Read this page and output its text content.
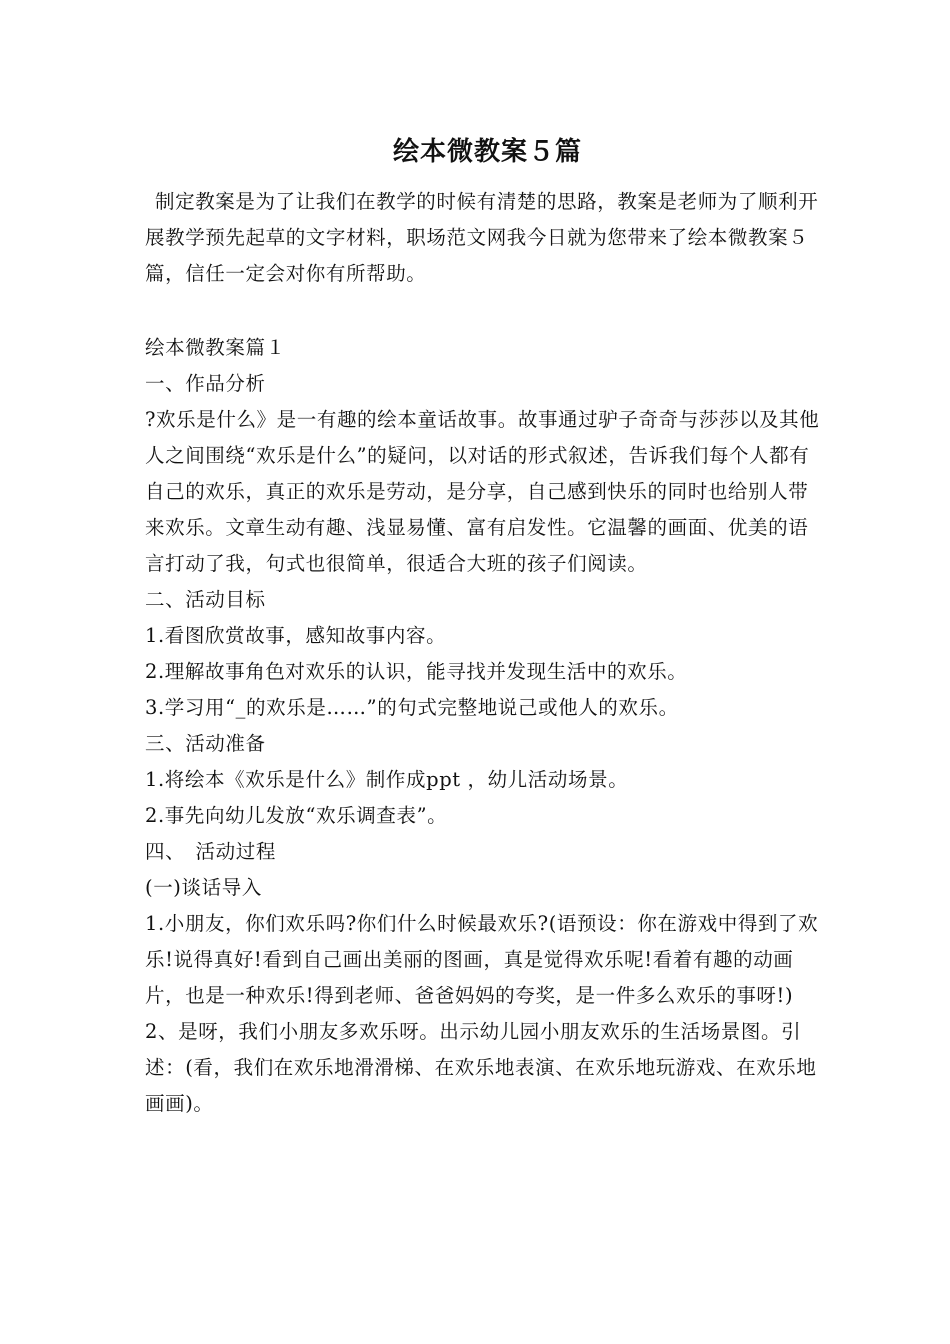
绘本微教案５篇
制定教案是为了让我们在教学的时候有清楚的思路，教案是老师为了顺利开展教学预先起草的文字材料，职场范文网我今日就为您带来了绘本微教案５篇，信任一定会对你有所帮助。
绘本微教案篇１
一、作品分析
?欢乐是什么》是一有趣的绘本童话故事。故事通过驴子奇奇与莎莎以及其他人之间围绕“欢乐是什么”的疑问，以对话的形式叙述，告诉我们每个人都有自己的欢乐，真正的欢乐是劳动，是分享，自己感到快乐的同时也给别人带来欢乐。文章生动有趣、浅显易懂、富有启发性。它温馨的画面、优美的语言打动了我，句式也很简单，很适合大班的孩子们阅读。
二、活动目标
1.看图欣赏故事，感知故事内容。
2.理解故事角色对欢乐的认识，能寻找并发现生活中的欢乐。
3.学习用“_的欢乐是……”的句式完整地说己或他人的欢乐。
三、活动准备
1.将绘本《欢乐是什么》制作成ppt ，幼儿活动场景。
2.事先向幼儿发放“欢乐调查表”。
四、　活动过程
(一)谈话导入
1.小朋友，你们欢乐吗?你们什么时候最欢乐?(语预设：你在游戏中得到了欢乐!说得真好!看到自己画出美丽的图画，真是觉得欢乐呢!看着有趣的动画片，也是一种欢乐!得到老师、爸爸妈妈的夸奖，是一件多么欢乐的事呀!)
2、是呀，我们小朋友多欢乐呀。出示幼儿园小朋友欢乐的生活场景图。引述：(看，我们在欢乐地滑滑梯、在欢乐地表演、在欢乐地玩游戏、在欢乐地画画)。
